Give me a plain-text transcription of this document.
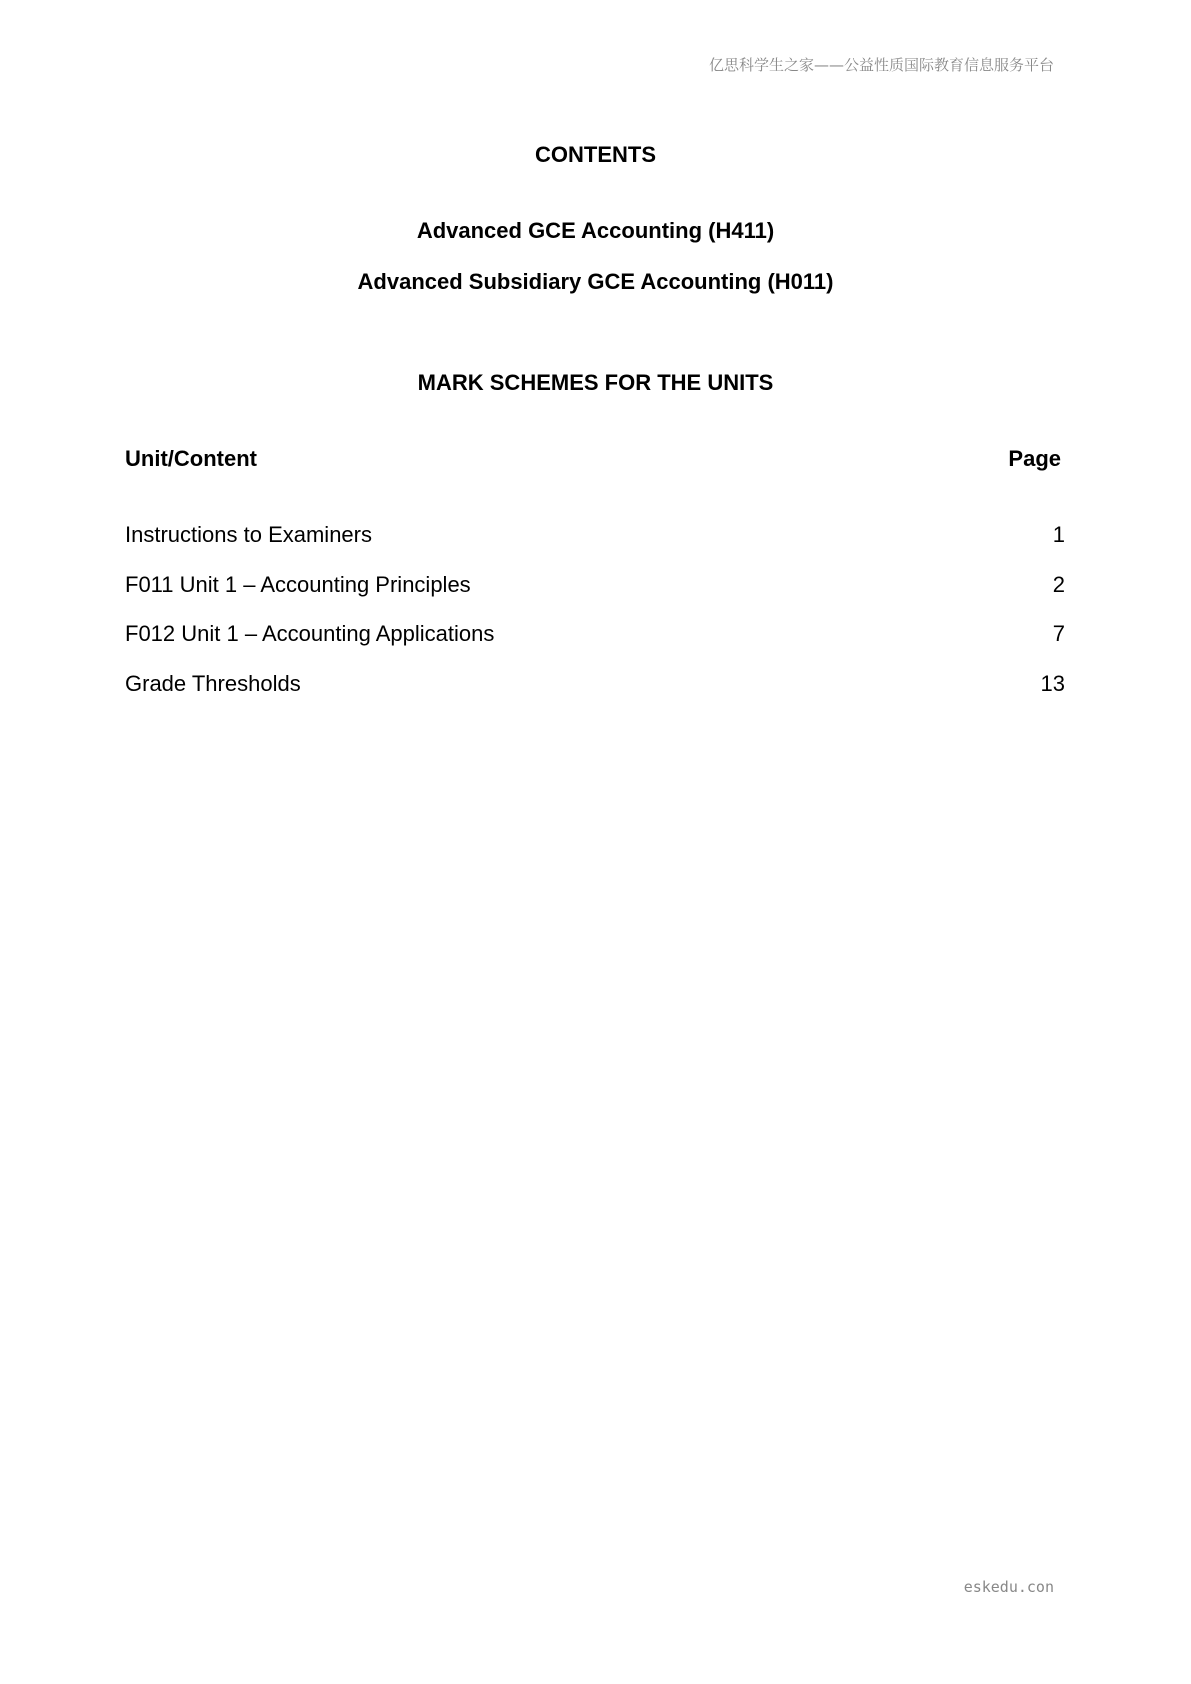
亿思科学生之家——公益性质国际教育信息服务平台
CONTENTS
Advanced GCE Accounting (H411)
Advanced Subsidiary GCE Accounting (H011)
MARK SCHEMES FOR THE UNITS
Unit/Content	Page
Instructions to Examiners	1
F011 Unit 1 – Accounting Principles	2
F012 Unit 1 – Accounting Applications	7
Grade Thresholds	13
eskedu.con
